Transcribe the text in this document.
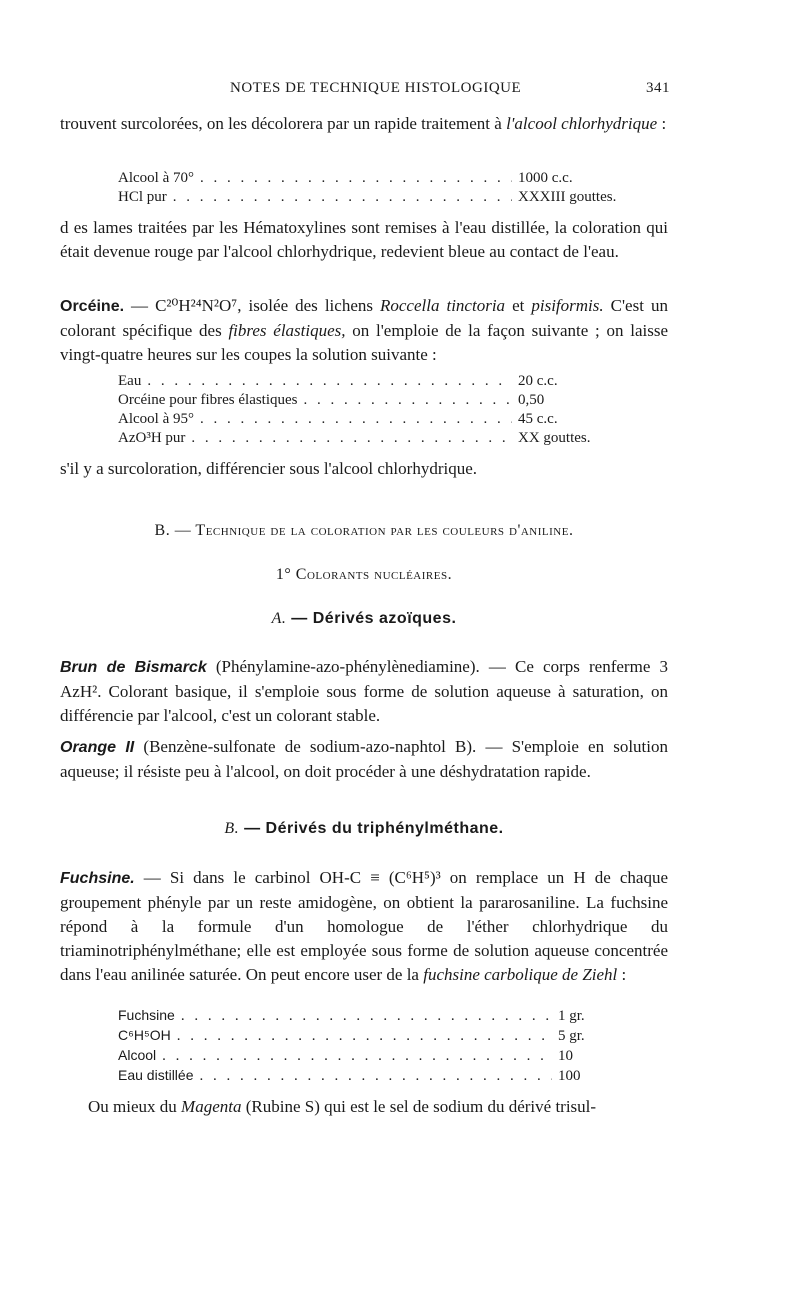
NOTES DE TECHNIQUE HISTOLOGIQUE	341

trouvent surcolorées, on les décolorera par un rapide traitement à l'alcool chlorhydrique :

Alcool à 70° . . .	1000 c.c.
HCl pur . . .	XXXIII gouttes.

d es lames traitées par les Hématoxylines sont remises à l'eau distillée, la coloration qui était devenue rouge par l'alcool chlorhydrique, redevient bleue au contact de l'eau.

Orcéine. — C²⁰H²⁴N²O⁷, isolée des lichens Roccella tinctoria et pisiformis. C'est un colorant spécifique des fibres élastiques, on l'emploie de la façon suivante ; on laisse vingt-quatre heures sur les coupes la solution suivante :

Eau . . .	20 c.c.
Orcéine pour fibres élastiques . . .	0,50
Alcool à 95° . . .	45 c.c.
AzO³H pur . . .	XX gouttes.

s'il y a surcoloration, différencier sous l'alcool chlorhydrique.

B. — Technique de la coloration par les couleurs d'aniline.
1° Colorants nucléaires.
A. — Dérivés azoïques.

Brun de Bismarck (Phénylamine-azo-phénylènediamine). — Ce corps renferme 3 AzH². Colorant basique, il s'emploie sous forme de solution aqueuse à saturation, on différencie par l'alcool, c'est un colorant stable.

Orange II (Benzène-sulfonate de sodium-azo-naphtol B). — S'emploie en solution aqueuse; il résiste peu à l'alcool, on doit procéder à une déshydratation rapide.

B. — Dérivés du triphénylméthane.

Fuchsine. — Si dans le carbinol OH-C ≡ (C⁶H⁵)³ on remplace un H de chaque groupement phényle par un reste amidogène, on obtient la pararosaniline. La fuchsine répond à la formule d'un homologue de l'éther chlorhydrique du triaminotriphénylméthane; elle est employée sous forme de solution aqueuse concentrée dans l'eau anilinée saturée. On peut encore user de la fuchsine carbolique de Ziehl :

Fuchsine . . .	1 gr.
C⁶H⁵OH . . .	5 gr.
Alcool . . .	10
Eau distillée . . .	100

Ou mieux du Magenta (Rubine S) qui est le sel de sodium du dérivé trisul-
